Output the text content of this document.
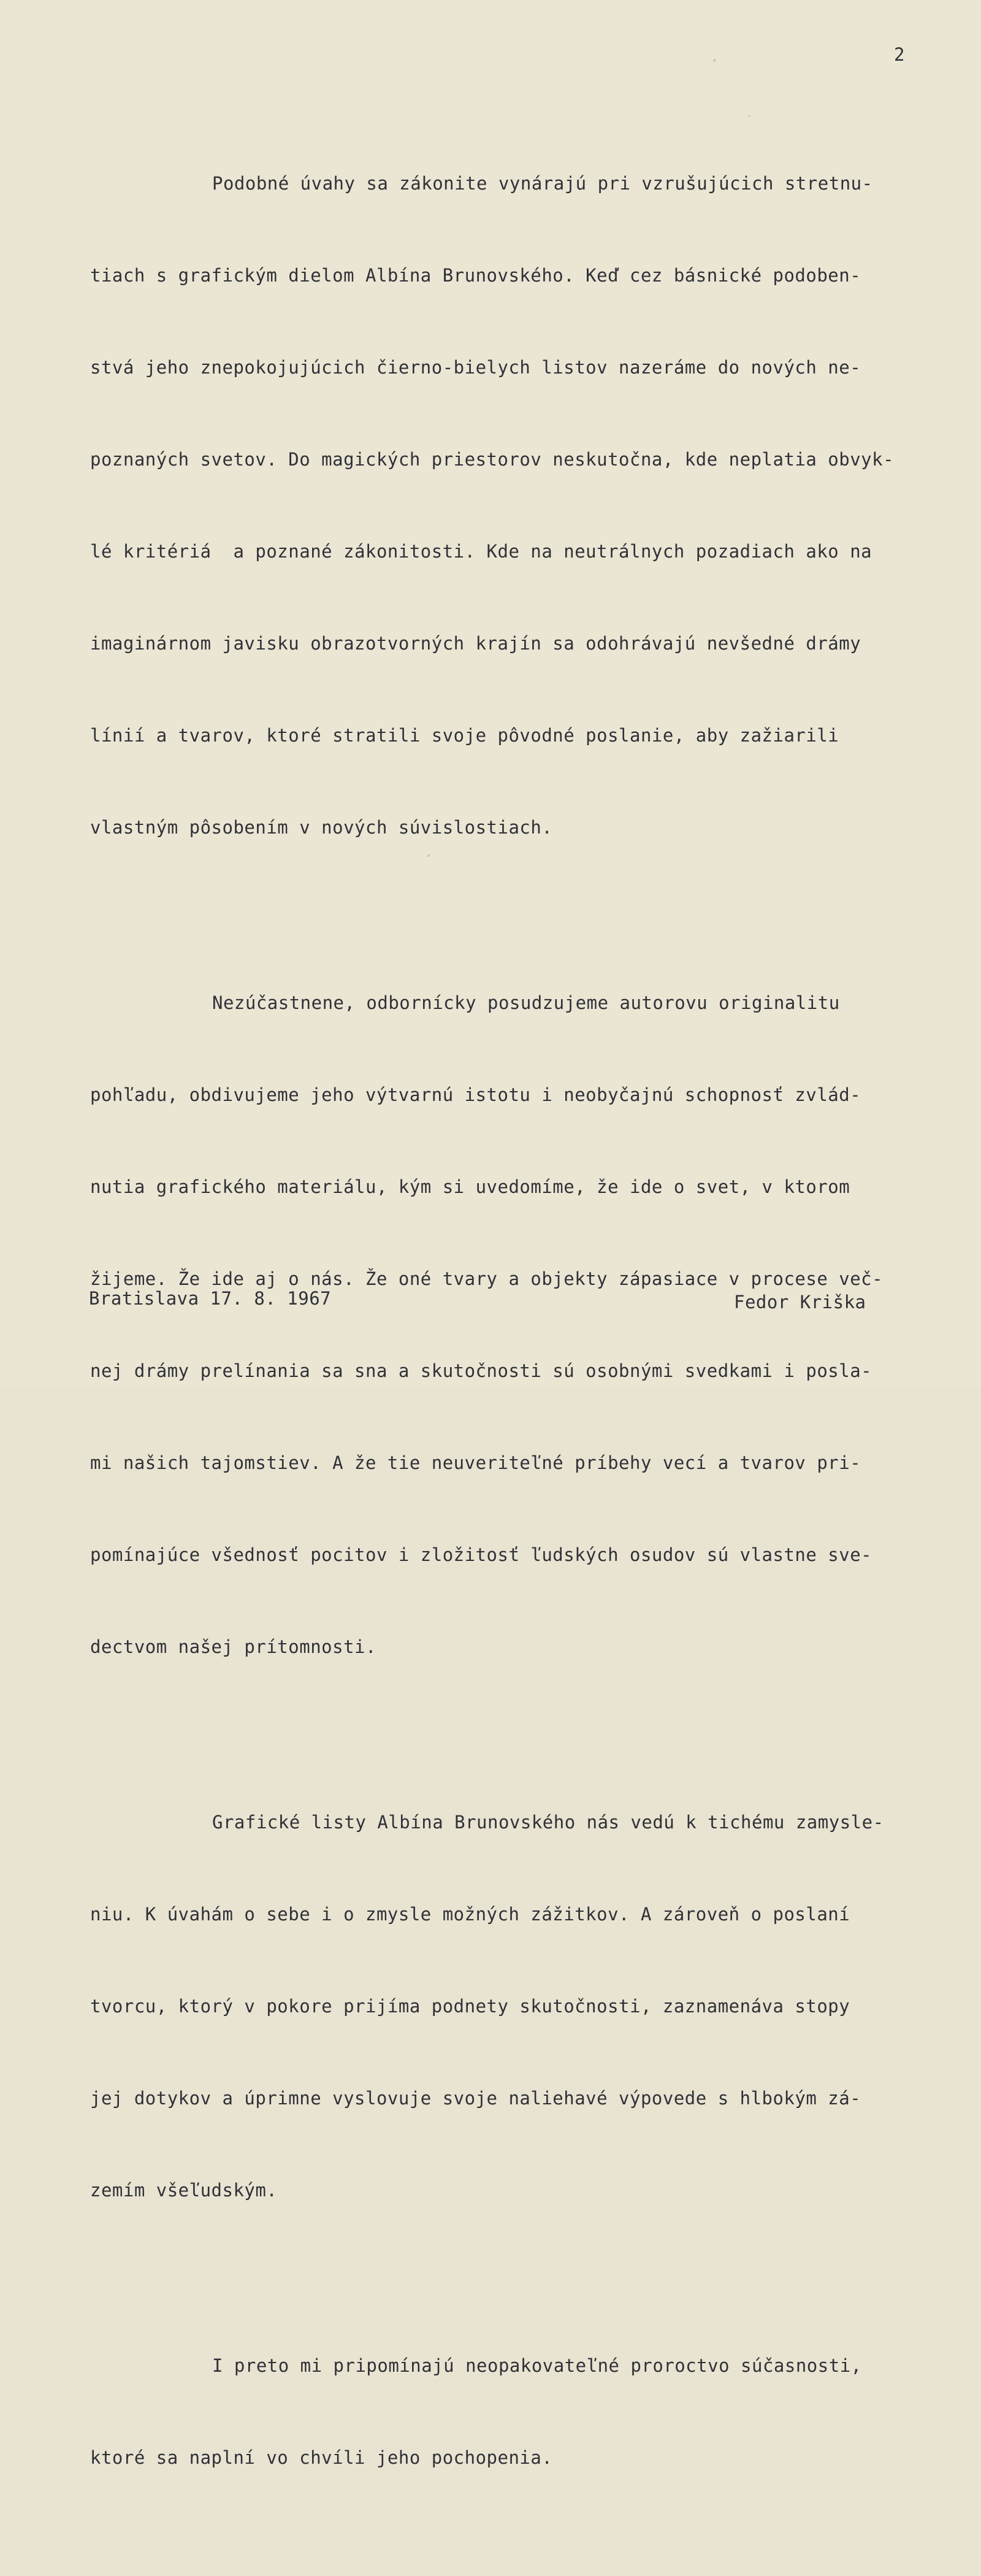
2

Podobné úvahy sa zákonite vynárajú pri vzrušujúcich stretnu-

tiach s grafickým dielom Albína Brunovského. Keď cez básnické podoben-

stvá jeho znepokojujúcich čierno-bielych listov nazeráme do nových ne-

poznaných svetov. Do magických priestorov neskutočna, kde neplatia obvyk-

lé kritériá  a poznané zákonitosti. Kde na neutrálnych pozadiach ako na

imaginárnom javisku obrazotvorných krajín sa odohrávajú nevšedné drámy

línií a tvarov, ktoré stratili svoje pôvodné poslanie, aby zažiarili

vlastným pôsobením v nových súvislostiach.

Nezúčastnene, odbornícky posudzujeme autorovu originalitu

pohľadu, obdivujeme jeho výtvarnú istotu i neobyčajnú schopnosť zvlád-

nutia grafického materiálu, kým si uvedomíme, že ide o svet, v ktorom

žijeme. Že ide aj o nás. Že oné tvary a objekty zápasiace v procese več-

nej drámy prelínania sa sna a skutočnosti sú osobnými svedkami i posla-

mi našich tajomstiev. A že tie neuveriteľné príbehy vecí a tvarov pri-

pomínajúce všednosť pocitov i zložitosť ľudských osudov sú vlastne sve-

dectvom našej prítomnosti.

Grafické listy Albína Brunovského nás vedú k tichému zamysle-

niu. K úvahám o sebe i o zmysle možných zážitkov. A zároveň o poslaní

tvorcu, ktorý v pokore prijíma podnety skutočnosti, zaznamenáva stopy

jej dotykov a úprimne vyslovuje svoje naliehavé výpovede s hlbokým zá-

zemím všeľudským.

I preto mi pripomínajú neopakovateľné proroctvo súčasnosti,

ktoré sa naplní vo chvíli jeho pochopenia.

Bratislava 17. 8. 1967	Fedor Kriška
